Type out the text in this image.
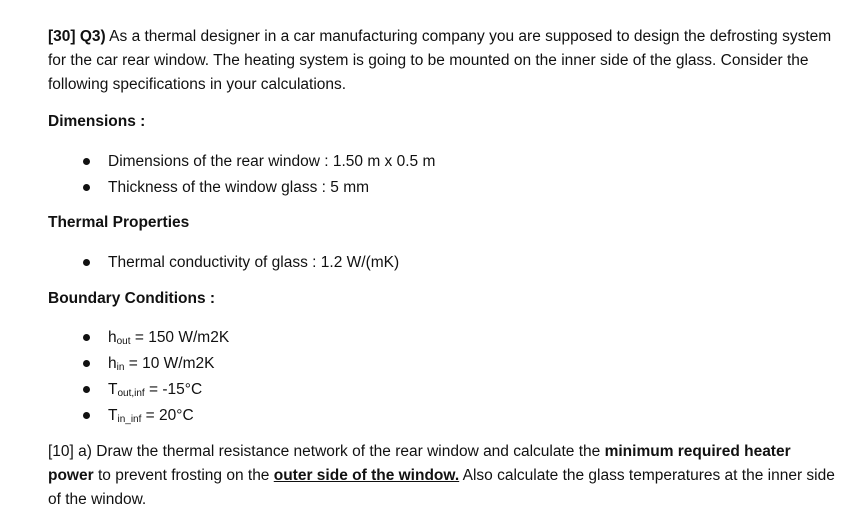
[30] Q3) As a thermal designer in a car manufacturing company you are supposed to design the defrosting system for the car rear window. The heating system is going to be mounted on the inner side of the glass. Consider the following specifications in your calculations.
Dimensions :
Dimensions of the rear window : 1.50 m x 0.5 m
Thickness of the window glass : 5 mm
Thermal Properties
Thermal conductivity of glass : 1.2 W/(mK)
Boundary Conditions :
$h_{out} = 150$ W/m2K
$h_{in} = 10$ W/m2K
$T_{out,inf} = -15^\circ C$
$T_{in\_inf} = 20^\circ C$
[10] a) Draw the thermal resistance network of the rear window and calculate the minimum required heater power to prevent frosting on the outer side of the window. Also calculate the glass temperatures at the inner side of the window.
